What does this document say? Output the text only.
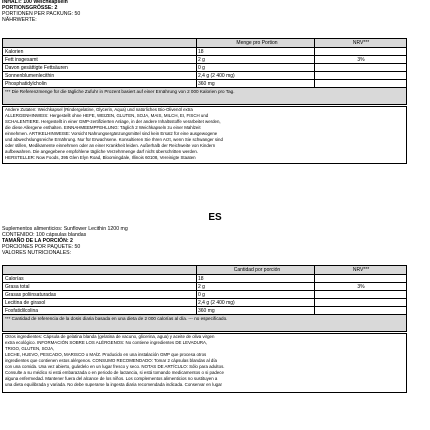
INHALT: 100 Weichkapseln
PORTIONSGRÖSSE: 2
PORTIONEN PER PACKUNG: 50
NÄHRWERTE:
Menge pro Portion	NRV***
Kalorien	18
Fett insgesamt	2 g	3%
Davon gesättigte Fettsäuren	0 g
Sonnenblumenlecithin	2,4 g (2 400 mg)
Phosphatidylcholin	360 mg
*** Die Referenzmenge für die tägliche Zufuhr in Prozent basiert auf einer Ernährung von 2 000 Kalorien pro Tag.
Andere Zutaten: Weichkapsel (Rindergelatine, Glycerin, Aqua) und natürliches Bio-Olivenöl extra
ALLERGENHINWEIS: Hergestellt ohne HEFE, WEIZEN, GLUTEN, SOJA, MAIS, MILCH, EI, FISCH und
SCHALENTIERE. Hergestellt in einer GMP-zertifizierten Anlage, in der andere Inhaltsstoffe verarbeitet werden,
die diese Allergene enthalten. EINNAHMEEMPFEHLUNG: Täglich 2 Weichkapseln zu einer Mahlzeit
einnehmen. ARTIKELHINWEISE: Vorsicht Nahrungsergänzungsmittel sind kein Ersatz für eine ausgewogene
und abwechslungsreiche Ernährung. Nur für Erwachsene. Konsultieren Sie Ihren Arzt, wenn Sie schwanger sind
oder stillen, Medikamente einnehmen oder an einer Krankheit leiden. Außerhalb der Reichweite von Kindern
aufbewahren. Die angegebene empfohlene tägliche Verzehrmenge darf nicht überschritten werden.
HERSTELLER: Now Foods, 395 Glen Elyn Road, Bloomingdale, Illinois 60108, Vereinigte Staaten
ES
Suplementos alimenticios: Sunflower Lecithin 1200 mg
CONTENIDO: 100 cápsulas blandas
TAMAÑO DE LA PORCIÓN: 2
PORCIONES POR PAQUETE: 50
VALORES NUTRICIONALES:
Cantidad por porción	NRV***
Calorías	18
Grasa total	2 g	3%
Grasas poliinsaturadas	0 g
Lecitina de girasol	2,4 g (2 400 mg)
Fosfatidilcolina	360 mg
*** Cantidad de referencia de la dosis diaria basada en una dieta de 2 000 calorías al día. --- no especificado.
Otros ingredientes: Cápsula de gelatina blanda (gelatina de vacuno, glicerina, agua) y aceite de oliva virgen
extra ecológico. INFORMACIÓN SOBRE LOS ALÉRGENOS: No contiene ingredientes DE LEVADURA,
TRIGO, GLUTEN, SOJA,
LECHE, HUEVO, PESCADO, MARISCO o MAÍZ. Producido en una instalación GMP que procesa otros
ingredientes que contienen estos alérgenos. CONSUMO RECOMENDADO: Tomar 2 cápsulas blandas al día
con una comida. Una vez abierto, guárdelo en un lugar fresco y seco. NOTAS DE ARTÍCULO: Sólo para adultos.
Consulte a su médico si está embarazada o en periodo de lactancia, si está tomando medicamentos o si padece
alguna enfermedad. Mantener fuera del alcance de los niños. Los complementos alimenticios no sustituyen a
una dieta equilibrada y variada. No debe superarse la ingesta diaria recomendada indicada. Conservar en lugar
